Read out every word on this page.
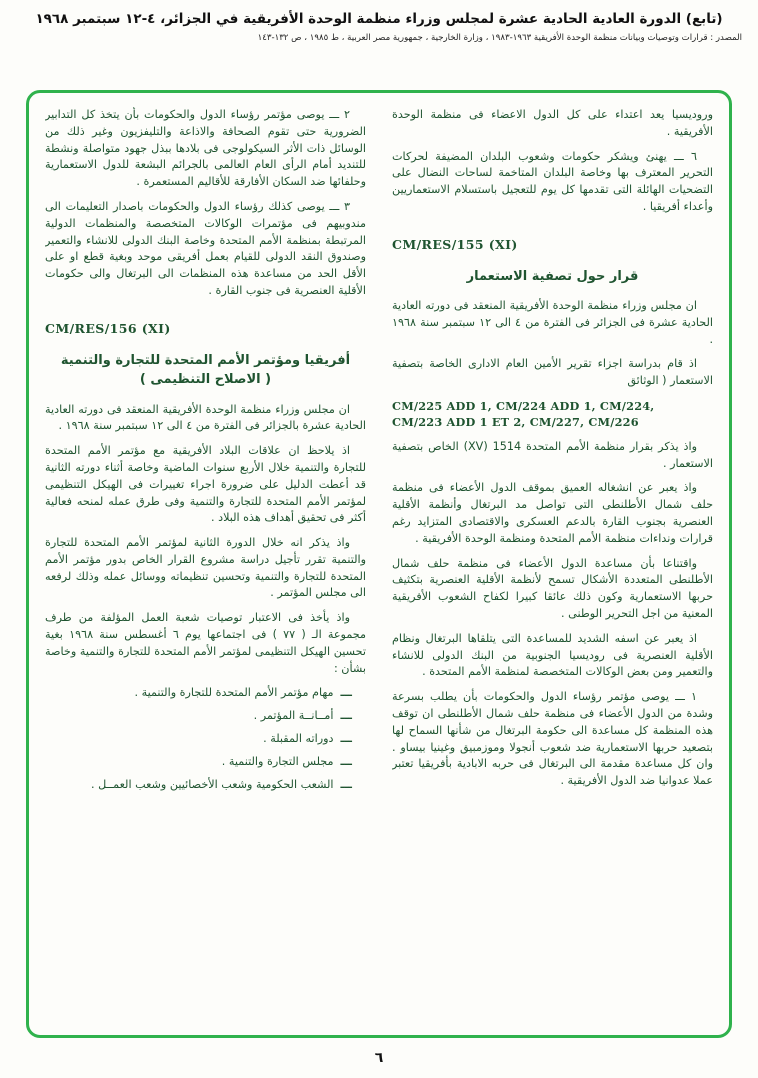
(تابع) الدورة العادية الحادية عشرة لمجلس وزراء منظمة الوحدة الأفريقية في الجزائر، ٤-١٢ سبتمبر ١٩٦٨
المصدر : قرارات وتوصيات وبيانات منظمة الوحدة الأفريقية ١٩٦٣-١٩٨٣ ، وزارة الخارجية ، جمهورية مصر العربية ، ط ١٩٨٥ ، ص ١٣٢-١٤٣

وروديسيا يعد اعتداء على كل الدول الاعضاء فى منظمة الوحدة الأفريقية .

٦ ـــ يهنئ ويشكر حكومات وشعوب البلدان المضيفة لحركات التحرير المعترف بها وخاصة البلدان المتاخمة لساحات النضال على التضحيات الهائلة التى تقدمها كل يوم للتعجيل باستسلام الاستعماريين وأعداء أفريقيا .

CM/RES/155 (XI)
قرار حول تصفية الاستعمار

ان مجلس وزراء منظمة الوحدة الأفريقية المنعقد فى دورته العادية الحادية عشرة فى الجزائر فى الفترة من ٤ الى ١٢ سبتمبر سنة ١٩٦٨ .

اذ قام بدراسة اجزاء تقرير الأمين العام الادارى الخاصة بتصفية الاستعمار ( الوثائق

CM/225 ADD 1, CM/224 ADD 1, CM/224,
CM/223 ADD 1 ET 2, CM/227, CM/226

واذ يذكر بقرار منظمة الأمم المتحدة 1514 (XV) الخاص بتصفية الاستعمار .

واذ يعبر عن انشغاله العميق بموقف الدول الأعضاء فى منظمة حلف شمال الأطلنطى التى تواصل مد البرتغال وأنظمة الأقلية العنصرية بجنوب القارة بالدعم العسكرى والاقتصادى المتزايد رغم قرارات ونداءات منظمة الأمم المتحدة ومنظمة الوحدة الأفريقية .

واقتناعا بأن مساعدة الدول الأعضاء فى منظمة حلف شمال الأطلنطى المتعددة الأشكال تسمح لأنظمة الأقلية العنصرية بتكثيف حربها الاستعمارية وكون ذلك عائقا كبيرا لكفاح الشعوب الأفريقية المعنية من اجل التحرير الوطنى .

اذ يعبر عن اسفه الشديد للمساعدة التى يتلقاها البرتغال ونظام الأقلية العنصرية فى روديسيا الجنوبية من البنك الدولى للانشاء والتعمير ومن بعض الوكالات المتخصصة لمنظمة الأمم المتحدة .

١ ـــ يوصى مؤتمر رؤساء الدول والحكومات بأن يطلب بسرعة وشدة من الدول الأعضاء فى منظمة حلف شمال الأطلنطى ان توقف هذه المنظمة كل مساعدة الى حكومة البرتغال من شأنها السماح لها بتصعيد حربها الاستعمارية ضد شعوب أنجولا وموزمبيق وغينيا بيساو . وان كل مساعدة مقدمة الى البرتغال فى حربه الابادية بأفريقيا تعتبر عملا عدوانيا ضد الدول الأفريقية .

٢ ـــ يوصى مؤتمر رؤساء الدول والحكومات بأن يتخذ كل التدابير الضرورية حتى تقوم الصحافة والاذاعة والتليفزيون وغير ذلك من الوسائل ذات الأثر السيكولوجى فى بلادها ببذل جهود متواصلة ونشطة للتنديد أمام الرأى العام العالمى بالجرائم البشعة للدول الاستعمارية وحلفائها ضد السكان الأفارقة للأقاليم المستعمرة .

٣ ـــ يوصى كذلك رؤساء الدول والحكومات باصدار التعليمات الى مندوبيهم فى مؤتمرات الوكالات المتخصصة والمنظمات الدولية المرتبطة بمنظمة الأمم المتحدة وخاصة البنك الدولى للانشاء والتعمير وصندوق النقد الدولى للقيام بعمل أفريقى موحد وبغية قطع او على الأقل الحد من مساعدة هذه المنظمات الى البرتغال والى حكومات الأقلية العنصرية فى جنوب القارة .

CM/RES/156 (XI)
أفريقيا ومؤتمر الأمم المتحدة للتجارة والتنمية
( الاصلاح التنظيمى )

ان مجلس وزراء منظمة الوحدة الأفريقية المنعقد فى دورته العادية الحادية عشرة بالجزائر فى الفترة من ٤ الى ١٢ سبتمبر سنة ١٩٦٨ .

اذ يلاحظ ان علاقات البلاد الأفريقية مع مؤتمر الأمم المتحدة للتجارة والتنمية خلال الأربع سنوات الماضية وخاصة أثناء دورته الثانية قد أعطت الدليل على ضرورة اجراء تغييرات فى الهيكل التنظيمى لمؤتمر الأمم المتحدة للتجارة والتنمية وفى طرق عمله لمنحه فعالية أكثر فى تحقيق أهداف هذه البلاد .

واذ يذكر انه خلال الدورة الثانية لمؤتمر الأمم المتحدة للتجارة والتنمية تقرر تأجيل دراسة مشروع القرار الخاص بدور مؤتمر الأمم المتحدة للتجارة والتنمية وتحسين تنظيماته ووسائل عمله وذلك لرفعه الى مجلس المؤتمر .

واذ يأخذ فى الاعتبار توصيات شعبة العمل المؤلفة من طرف مجموعة الـ ( ٧٧ ) فى اجتماعها يوم ٦ أغسطس سنة ١٩٦٨ بغية تحسين الهيكل التنظيمى لمؤتمر الأمم المتحدة للتجارة والتنمية وخاصة بشأن :

ـــ
مهام مؤتمر الأمم المتحدة للتجارة والتنمية .
ـــ
أمــانــة المؤتمر .
ـــ
دوراته المقبلة .
ـــ
مجلس التجارة والتنمية .
ـــ
الشعب الحكومية وشعب الأخصائيين وشعب العمــل .
٦
